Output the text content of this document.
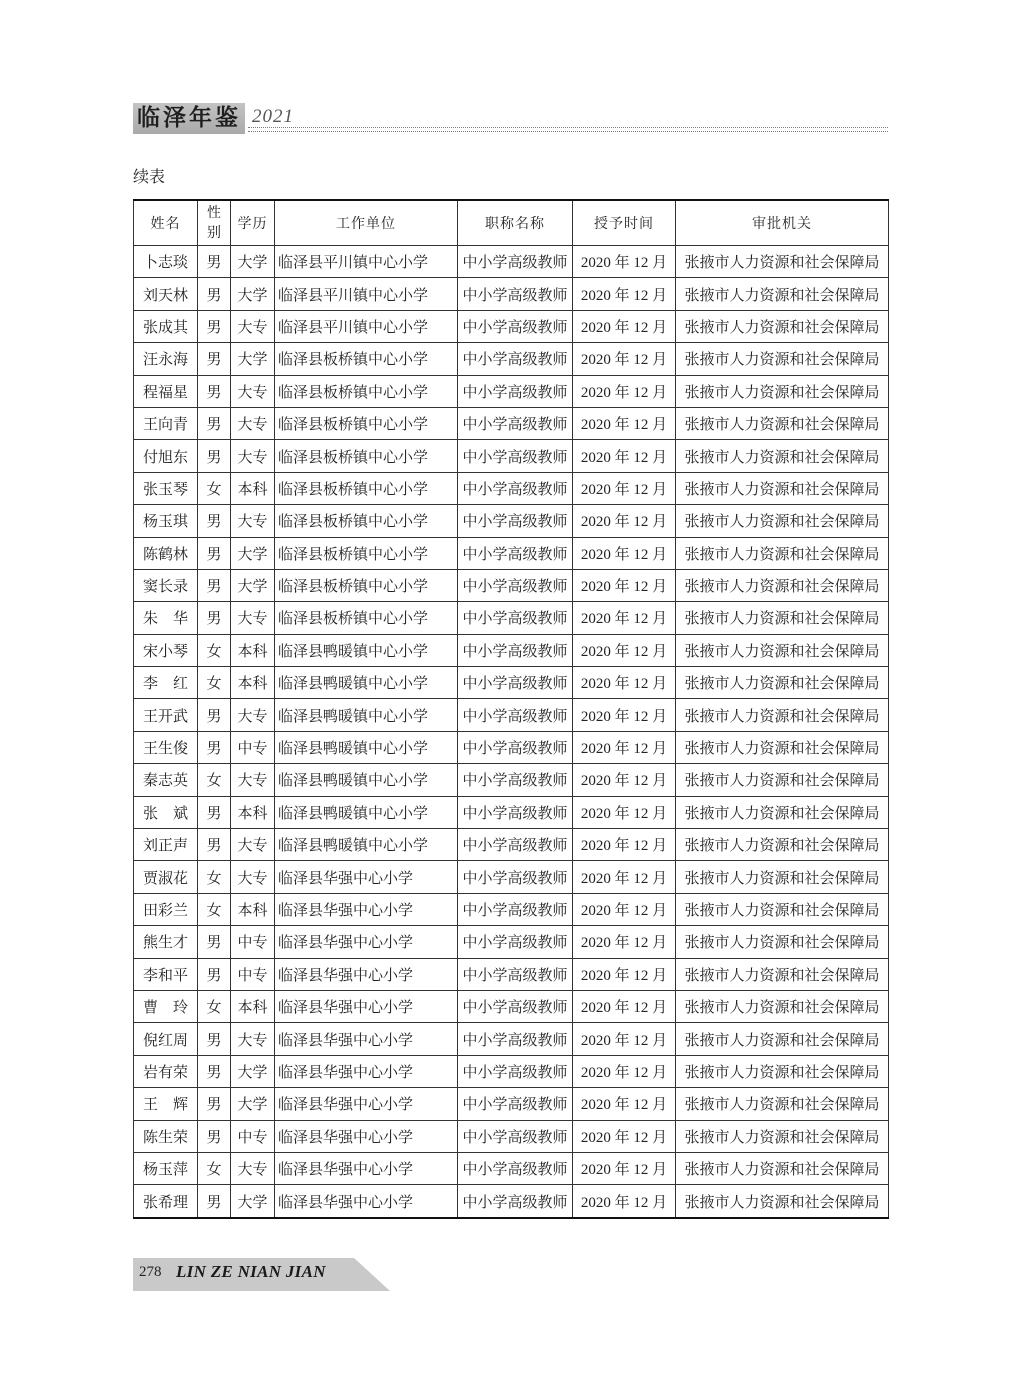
临泽年鉴 2021
续表
姓名	性别	学历	工作单位	职称名称	授予时间	审批机关
卜志琰	男	大学	临泽县平川镇中心小学	中小学高级教师	2020 年 12 月	张掖市人力资源和社会保障局
刘天林	男	大学	临泽县平川镇中心小学	中小学高级教师	2020 年 12 月	张掖市人力资源和社会保障局
张成其	男	大专	临泽县平川镇中心小学	中小学高级教师	2020 年 12 月	张掖市人力资源和社会保障局
汪永海	男	大学	临泽县板桥镇中心小学	中小学高级教师	2020 年 12 月	张掖市人力资源和社会保障局
程福星	男	大专	临泽县板桥镇中心小学	中小学高级教师	2020 年 12 月	张掖市人力资源和社会保障局
王向青	男	大专	临泽县板桥镇中心小学	中小学高级教师	2020 年 12 月	张掖市人力资源和社会保障局
付旭东	男	大专	临泽县板桥镇中心小学	中小学高级教师	2020 年 12 月	张掖市人力资源和社会保障局
张玉琴	女	本科	临泽县板桥镇中心小学	中小学高级教师	2020 年 12 月	张掖市人力资源和社会保障局
杨玉琪	男	大专	临泽县板桥镇中心小学	中小学高级教师	2020 年 12 月	张掖市人力资源和社会保障局
陈鹤林	男	大学	临泽县板桥镇中心小学	中小学高级教师	2020 年 12 月	张掖市人力资源和社会保障局
窦长录	男	大学	临泽县板桥镇中心小学	中小学高级教师	2020 年 12 月	张掖市人力资源和社会保障局
朱　华	男	大专	临泽县板桥镇中心小学	中小学高级教师	2020 年 12 月	张掖市人力资源和社会保障局
宋小琴	女	本科	临泽县鸭暖镇中心小学	中小学高级教师	2020 年 12 月	张掖市人力资源和社会保障局
李　红	女	本科	临泽县鸭暖镇中心小学	中小学高级教师	2020 年 12 月	张掖市人力资源和社会保障局
王开武	男	大专	临泽县鸭暖镇中心小学	中小学高级教师	2020 年 12 月	张掖市人力资源和社会保障局
王生俊	男	中专	临泽县鸭暖镇中心小学	中小学高级教师	2020 年 12 月	张掖市人力资源和社会保障局
秦志英	女	大专	临泽县鸭暖镇中心小学	中小学高级教师	2020 年 12 月	张掖市人力资源和社会保障局
张　斌	男	本科	临泽县鸭暖镇中心小学	中小学高级教师	2020 年 12 月	张掖市人力资源和社会保障局
刘正声	男	大专	临泽县鸭暖镇中心小学	中小学高级教师	2020 年 12 月	张掖市人力资源和社会保障局
贾淑花	女	大专	临泽县华强中心小学	中小学高级教师	2020 年 12 月	张掖市人力资源和社会保障局
田彩兰	女	本科	临泽县华强中心小学	中小学高级教师	2020 年 12 月	张掖市人力资源和社会保障局
熊生才	男	中专	临泽县华强中心小学	中小学高级教师	2020 年 12 月	张掖市人力资源和社会保障局
李和平	男	中专	临泽县华强中心小学	中小学高级教师	2020 年 12 月	张掖市人力资源和社会保障局
曹　玲	女	本科	临泽县华强中心小学	中小学高级教师	2020 年 12 月	张掖市人力资源和社会保障局
倪红周	男	大专	临泽县华强中心小学	中小学高级教师	2020 年 12 月	张掖市人力资源和社会保障局
岩有荣	男	大学	临泽县华强中心小学	中小学高级教师	2020 年 12 月	张掖市人力资源和社会保障局
王　辉	男	大学	临泽县华强中心小学	中小学高级教师	2020 年 12 月	张掖市人力资源和社会保障局
陈生荣	男	中专	临泽县华强中心小学	中小学高级教师	2020 年 12 月	张掖市人力资源和社会保障局
杨玉萍	女	大专	临泽县华强中心小学	中小学高级教师	2020 年 12 月	张掖市人力资源和社会保障局
张希理	男	大学	临泽县华强中心小学	中小学高级教师	2020 年 12 月	张掖市人力资源和社会保障局
278 LIN ZE NIAN JIAN
